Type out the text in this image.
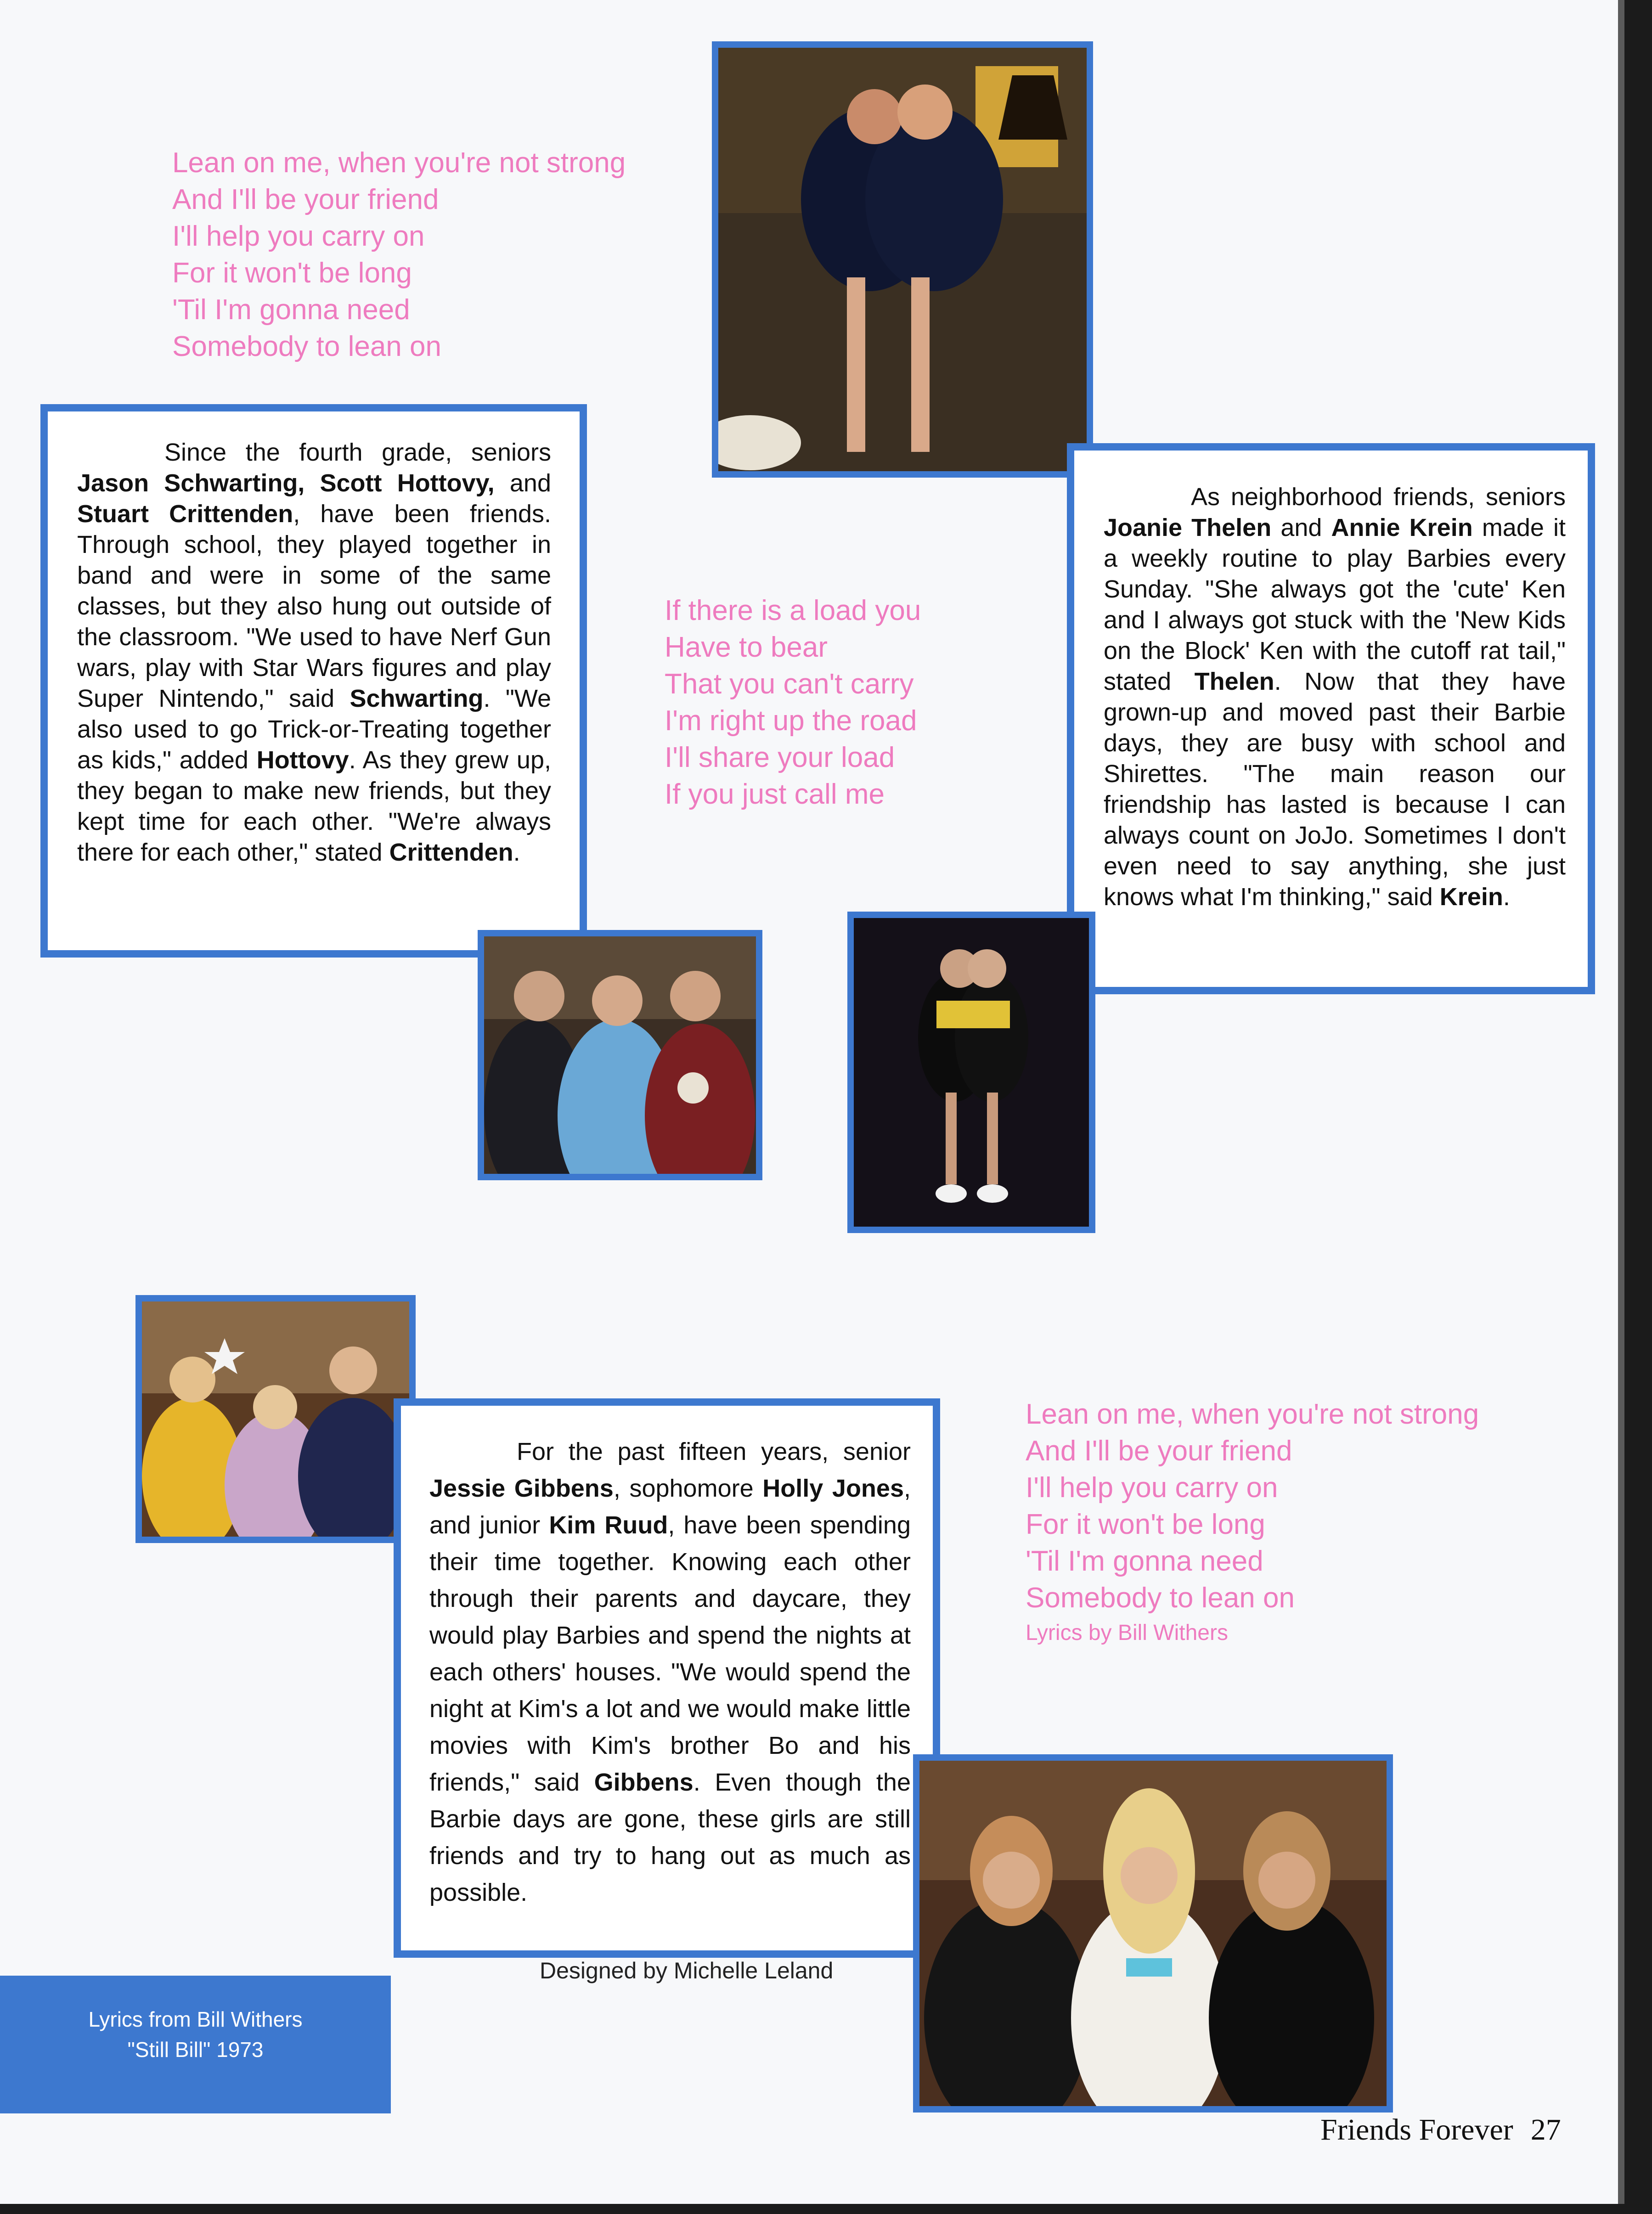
Lean on me, when you're not strong
And I'll be your friend
I'll help you carry on
For it won't be long
'Til I'm gonna need
Somebody to lean on

Since the fourth grade, seniors Jason Schwarting, Scott Hottovy, and Stuart Crittenden, have been friends. Through school, they played together in band and were in some of the same classes, but they also hung out outside of the classroom. "We used to have Nerf Gun wars, play with Star Wars figures and play Super Nintendo," said Schwarting. "We also used to go Trick-or-Treating together as kids," added Hottovy. As they grew up, they began to make new friends, but they kept time for each other. "We're always there for each other," stated Crittenden.

If there is a load you
Have to bear
That you can't carry
I'm right up the road
I'll share your load
If you just call me

As neighborhood friends, seniors Joanie Thelen and Annie Krein made it a weekly routine to play Barbies every Sunday. "She always got the 'cute' Ken and I always got stuck with the 'New Kids on the Block' Ken with the cutoff rat tail," stated Thelen. Now that they have grown-up and moved past their Barbie days, they are busy with school and Shirettes. "The main reason our friendship has lasted is because I can always count on JoJo. Sometimes I don't even need to say anything, she just knows what I'm thinking," said Krein.

For the past fifteen years, senior Jessie Gibbens, sophomore Holly Jones, and junior Kim Ruud, have been spending their time together. Knowing each other through their parents and daycare, they would play Barbies and spend the nights at each others' houses. "We would spend the night at Kim's a lot and we would make little movies with Kim's brother Bo and his friends," said Gibbens. Even though the Barbie days are gone, these girls are still friends and try to hang out as much as possible.

Lean on me, when you're not strong
And I'll be your friend
I'll help you carry on
For it won't be long
'Til I'm gonna need
Somebody to lean on
Lyrics by Bill Withers
Designed by Michelle Leland
Lyrics from Bill Withers
"Still Bill" 1973
Friends Forever 27
